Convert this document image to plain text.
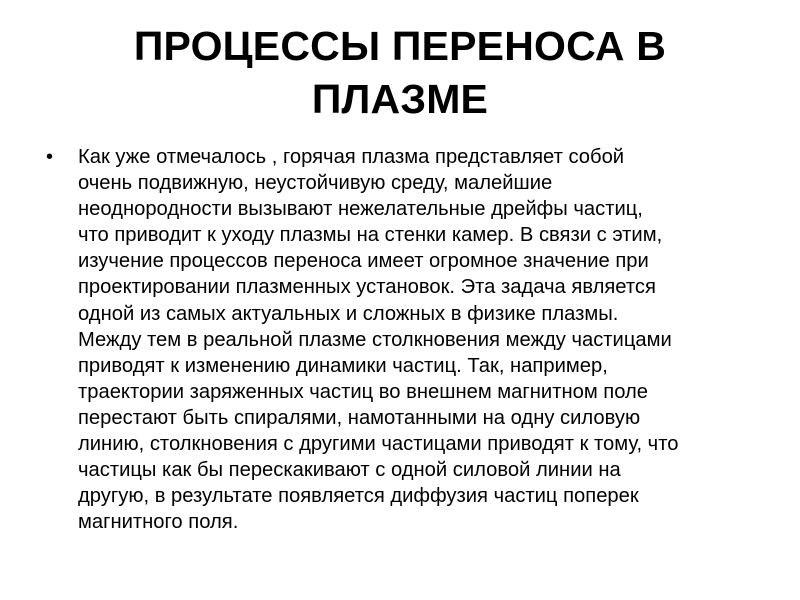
ПРОЦЕССЫ ПЕРЕНОСА В
ПЛАЗМЕ
• Как уже отмечалось , горячая плазма представляет собой
очень подвижную, неустойчивую среду, малейшие
неоднородности вызывают нежелательные дрейфы частиц,
что приводит к уходу плазмы на стенки камер. В связи с этим,
изучение процессов переноса имеет огромное значение при
проектировании плазменных установок. Эта задача является
одной из самых актуальных и сложных в физике плазмы.
Между тем в реальной плазме столкновения между частицами
приводят к изменению динамики частиц. Так, например,
траектории заряженных частиц во внешнем магнитном поле
перестают быть спиралями, намотанными на одну силовую
линию, столкновения с другими частицами приводят к тому, что
частицы как бы перескакивают с одной силовой линии на
другую, в результате появляется диффузия частиц поперек
магнитного поля.
